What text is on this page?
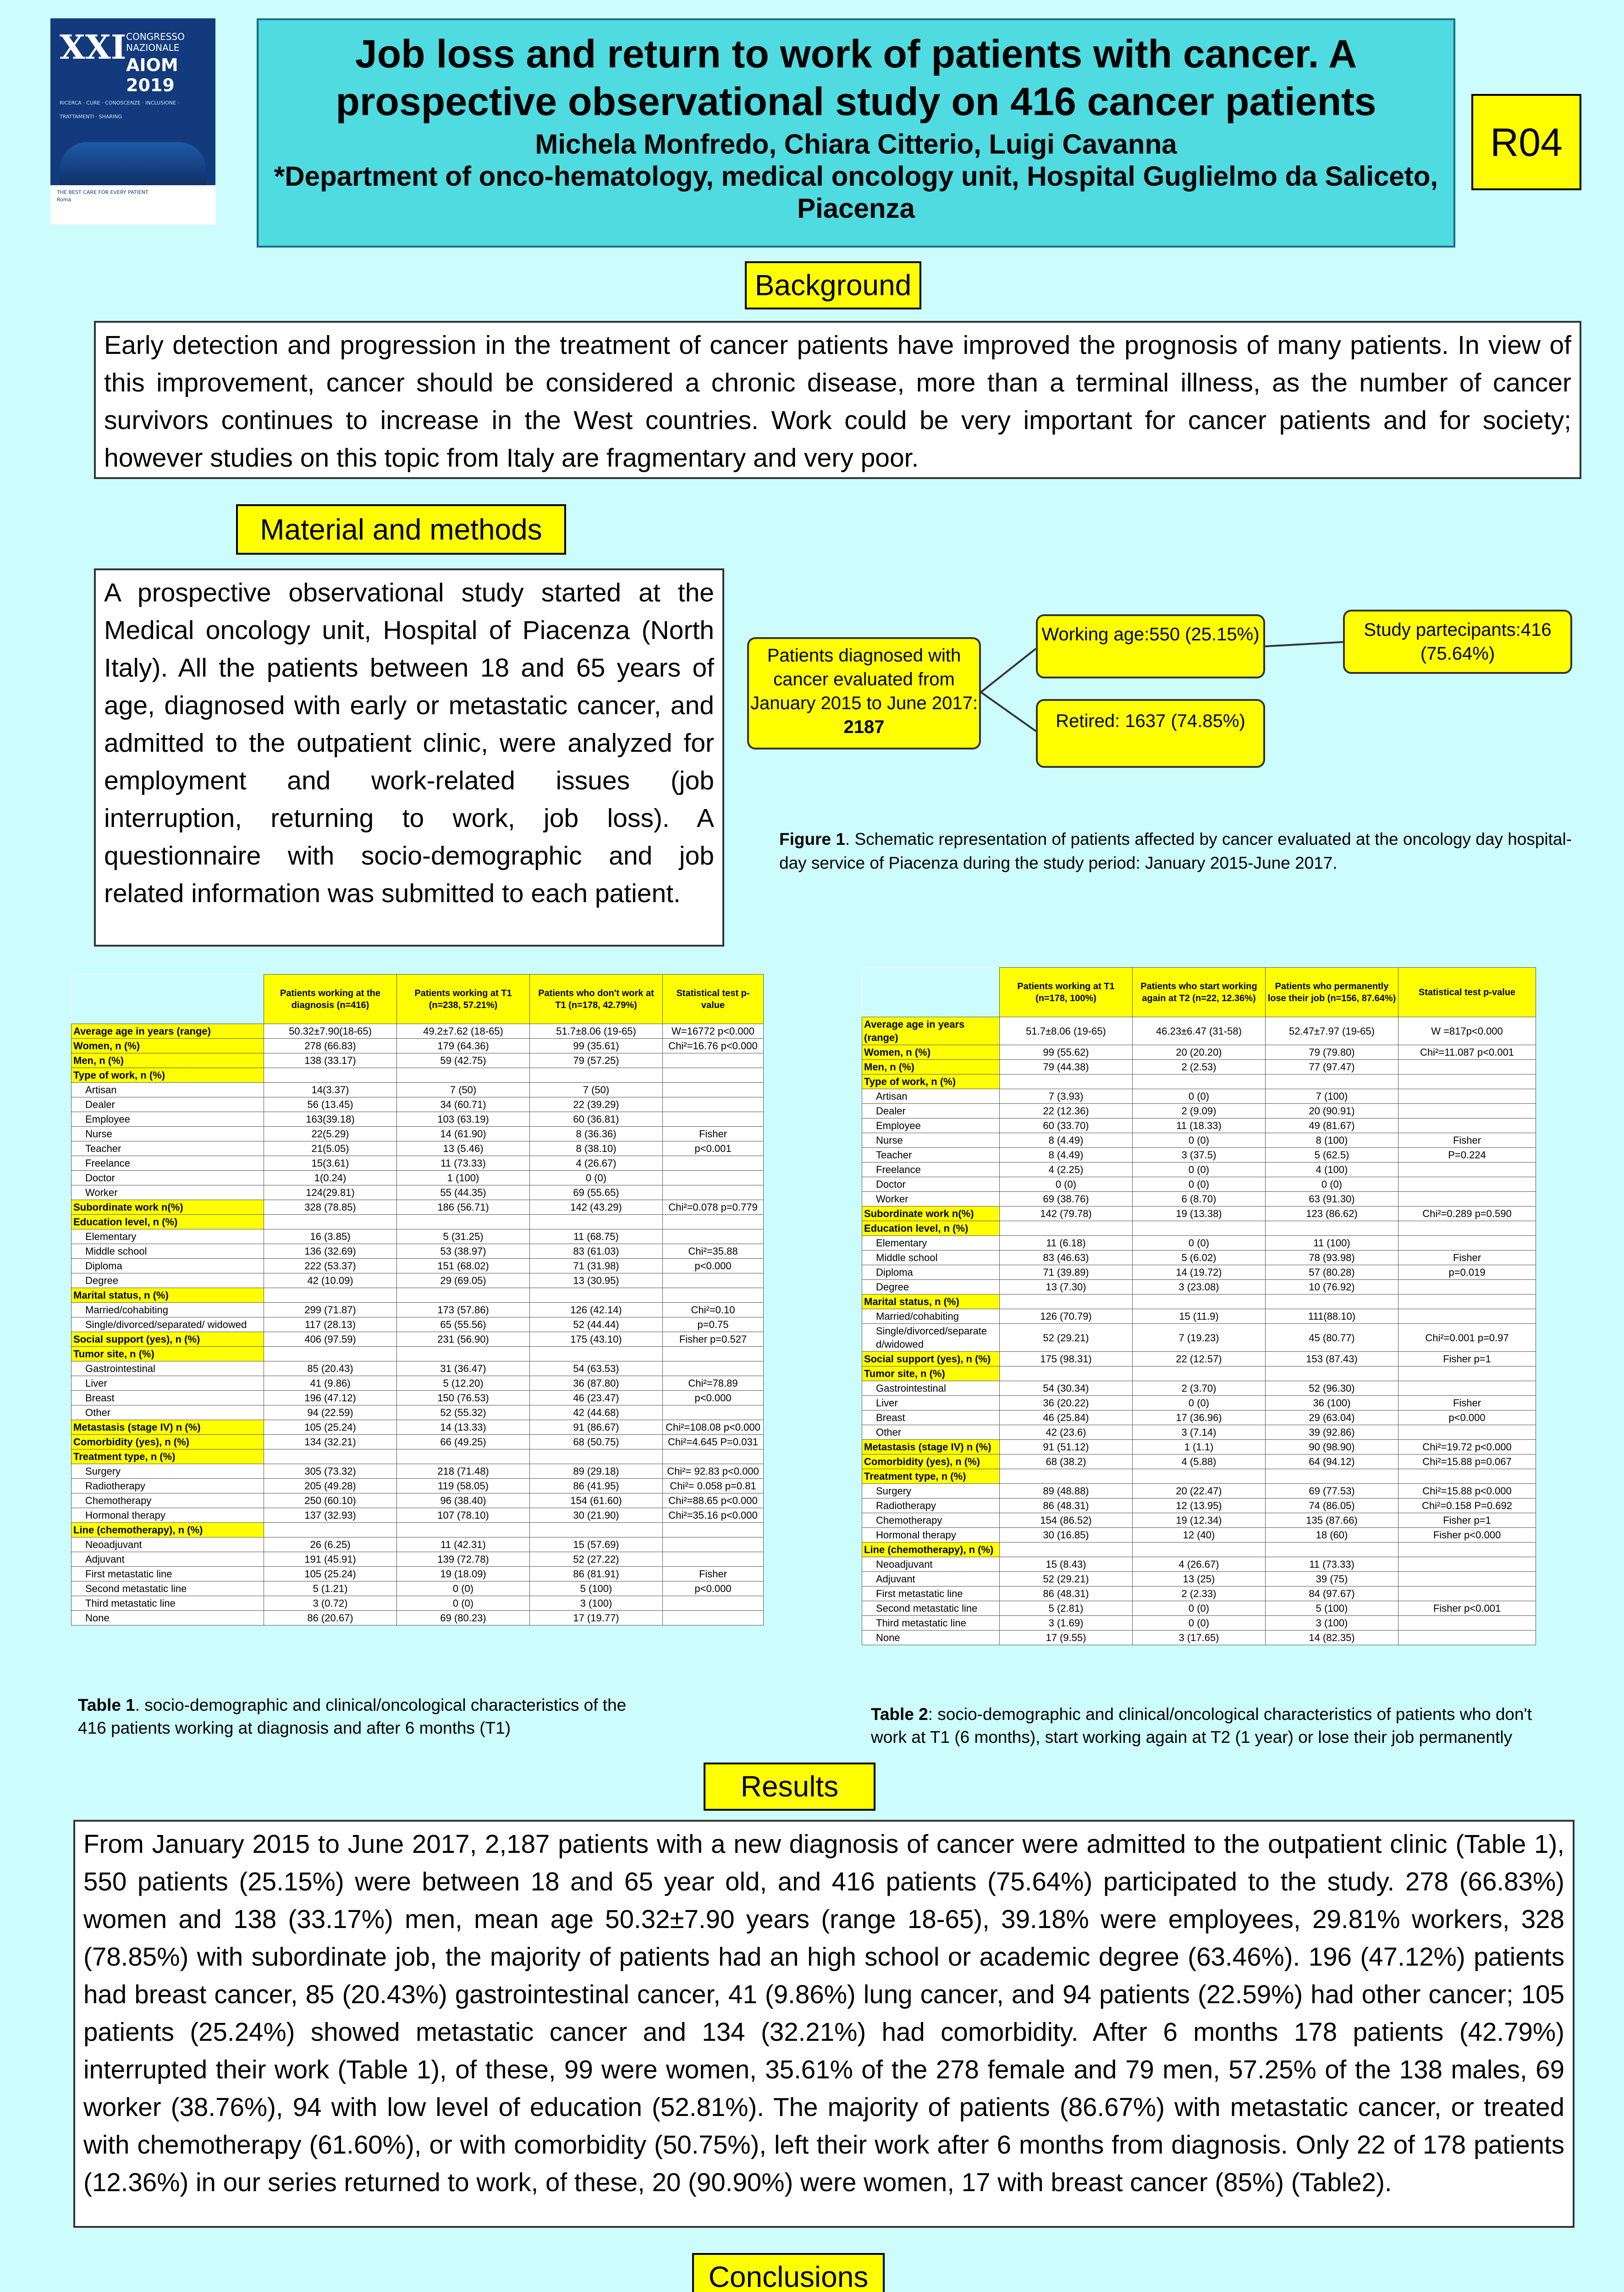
XXI CONGRESSO NAZIONALE
AIOM 2019
RICERCA · CURE · CONOSCENZE · INCLUSIONE · TRATTAMENTI · SHARING
THE BEST CARE FOR EVERY PATIENT
Roma
Job loss and return to work of patients with cancer. A prospective observational study on 416 cancer patients
Michela Monfredo, Chiara Citterio, Luigi Cavanna
*Department of onco-hematology, medical oncology unit, Hospital Guglielmo da Saliceto, Piacenza
R04
Background
Early detection and progression in the treatment of cancer patients have improved the prognosis of many patients. In view of this improvement, cancer should be considered a chronic disease, more than a terminal illness, as the number of cancer survivors continues to increase in the West countries. Work could be very important for cancer patients and for society; however studies on this topic from Italy are fragmentary and very poor.
Material and methods
A prospective observational study started at the Medical oncology unit, Hospital of Piacenza (North Italy). All the patients between 18 and 65 years of age, diagnosed with early or metastatic cancer, and admitted to the outpatient clinic, were analyzed for employment and work-related issues (job interruption, returning to work, job loss). A questionnaire with socio-demographic and job related information was submitted to each patient.
Patients diagnosed with cancer evaluated from January 2015 to June 2017: 2187
Working age:550 (25.15%)
Retired: 1637 (74.85%)
Study partecipants:416 (75.64%)
Figure 1. Schematic representation of patients affected by cancer evaluated at the oncology day hospital-day service of Piacenza during the study period: January 2015-June 2017.
	Patients working at the diagnosis (n=416)	Patients working at T1 (n=238, 57.21%)	Patients who don't work at T1 (n=178, 42.79%)	Statistical test p-value
Average age in years (range)	50.32±7.90(18-65)	49.2±7.62 (18-65)	51.7±8.06 (19-65)	W=16772 p<0.000
Women, n (%)	278 (66.83)	179 (64.36)	99 (35.61)	Chi²=16.76 p<0.000
Men, n (%)	138 (33.17)	59 (42.75)	79 (57.25)	
Type of work, n (%)				
Artisan	14(3.37)	7 (50)	7 (50)	
Dealer	56 (13.45)	34 (60.71)	22 (39.29)	
Employee	163(39.18)	103 (63.19)	60 (36.81)	
Nurse	22(5.29)	14 (61.90)	8 (36.36)	Fisher
Teacher	21(5.05)	13 (5.46)	8 (38.10)	p<0.001
Freelance	15(3.61)	11 (73.33)	4 (26.67)	
Doctor	1(0.24)	1 (100)	0 (0)	
Worker	124(29.81)	55 (44.35)	69 (55.65)	
Subordinate work n(%)	328 (78.85)	186 (56.71)	142 (43.29)	Chi²=0.078 p=0.779
Education level, n (%)				
Elementary	16 (3.85)	5 (31.25)	11 (68.75)	
Middle school	136 (32.69)	53 (38.97)	83 (61.03)	Chi²=35.88
Diploma	222 (53.37)	151 (68.02)	71 (31.98)	p<0.000
Degree	42 (10.09)	29 (69.05)	13 (30.95)	
Marital status, n (%)				
Married/cohabiting	299 (71.87)	173 (57.86)	126 (42.14)	Chi²=0.10
Single/divorced/separated/ widowed	117 (28.13)	65 (55.56)	52 (44.44)	p=0.75
Social support (yes), n (%)	406 (97.59)	231 (56.90)	175 (43.10)	Fisher p=0.527
Tumor site, n (%)				
Gastrointestinal	85 (20.43)	31 (36.47)	54 (63.53)	
Liver	41 (9.86)	5 (12.20)	36 (87.80)	Chi²=78.89
Breast	196 (47.12)	150 (76.53)	46 (23.47)	p<0.000
Other	94 (22.59)	52 (55.32)	42 (44.68)	
Metastasis (stage IV) n (%)	105 (25.24)	14 (13.33)	91 (86.67)	Chi²=108.08 p<0.000
Comorbidity (yes), n (%)	134 (32.21)	66 (49.25)	68 (50.75)	Chi²=4.645 P=0.031
Treatment type, n (%)				
Surgery	305 (73.32)	218 (71.48)	89 (29.18)	Chi²= 92.83 p<0.000
Radiotherapy	205 (49.28)	119 (58.05)	86 (41.95)	Chi²= 0.058 p=0.81
Chemotherapy	250 (60.10)	96 (38.40)	154 (61.60)	Chi²=88.65 p<0.000
Hormonal therapy	137 (32.93)	107 (78.10)	30 (21.90)	Chi²=35.16 p<0.000
Line (chemotherapy), n (%)				
Neoadjuvant	26 (6.25)	11 (42.31)	15 (57.69)	
Adjuvant	191 (45.91)	139 (72.78)	52 (27.22)	
First metastatic line	105 (25.24)	19 (18.09)	86 (81.91)	Fisher
Second metastatic line	5 (1.21)	0 (0)	5 (100)	p<0.000
Third metastatic line	3 (0.72)	0 (0)	3 (100)	
None	86 (20.67)	69 (80.23)	17 (19.77)	
Table 1. socio-demographic and clinical/oncological characteristics of the 416 patients working at diagnosis and after 6 months (T1)
	Patients working at T1 (n=178, 100%)	Patients who start working again at T2 (n=22, 12.36%)	Patients who permanently lose their job (n=156, 87.64%)	Statistical test p-value
Average age in years (range)	51.7±8.06 (19-65)	46.23±6.47 (31-58)	52.47±7.97 (19-65)	W =817p<0.000
Women, n (%)	99 (55.62)	20 (20.20)	79 (79.80)	Chi²=11.087 p<0.001
Men, n (%)	79 (44.38)	2 (2.53)	77 (97.47)	
Type of work, n (%)				
Artisan	7 (3.93)	0 (0)	7 (100)	
Dealer	22 (12.36)	2 (9.09)	20 (90.91)	
Employee	60 (33.70)	11 (18.33)	49 (81.67)	
Nurse	8 (4.49)	0 (0)	8 (100)	Fisher
Teacher	8 (4.49)	3 (37.5)	5 (62.5)	P=0.224
Freelance	4 (2.25)	0 (0)	4 (100)	
Doctor	0 (0)	0 (0)	0 (0)	
Worker	69 (38.76)	6 (8.70)	63 (91.30)	
Subordinate work n(%)	142 (79.78)	19 (13.38)	123 (86.62)	Chi²=0.289 p=0.590
Education level, n (%)				
Elementary	11 (6.18)	0 (0)	11 (100)	
Middle school	83 (46.63)	5 (6.02)	78 (93.98)	Fisher
Diploma	71 (39.89)	14 (19.72)	57 (80.28)	p=0.019
Degree	13 (7.30)	3 (23.08)	10 (76.92)	
Marital status, n (%)				
Married/cohabiting	126 (70.79)	15 (11.9)	111(88.10)	
Single/divorced/separate d/widowed	52 (29.21)	7 (19.23)	45 (80.77)	Chi²=0.001 p=0.97
Social support (yes), n (%)	175 (98.31)	22 (12.57)	153 (87.43)	Fisher p=1
Tumor site, n (%)				
Gastrointestinal	54 (30.34)	2 (3.70)	52 (96.30)	
Liver	36 (20.22)	0 (0)	36 (100)	Fisher
Breast	46 (25.84)	17 (36.96)	29 (63.04)	p<0.000
Other	42 (23.6)	3 (7.14)	39 (92.86)	
Metastasis (stage IV) n (%)	91 (51.12)	1 (1.1)	90 (98.90)	Chi²=19.72 p<0.000
Comorbidity (yes), n (%)	68 (38.2)	4 (5.88)	64 (94.12)	Chi²=15.88 p=0.067
Treatment type, n (%)				
Surgery	89 (48.88)	20 (22.47)	69 (77.53)	Chi²=15.88 p<0.000
Radiotherapy	86 (48.31)	12 (13.95)	74 (86.05)	Chi²=0.158 P=0.692
Chemotherapy	154 (86.52)	19 (12.34)	135 (87.66)	Fisher p=1
Hormonal therapy	30 (16.85)	12 (40)	18 (60)	Fisher p<0.000
Line (chemotherapy), n (%)				
Neoadjuvant	15 (8.43)	4 (26.67)	11 (73.33)	
Adjuvant	52 (29.21)	13 (25)	39 (75)	
First metastatic line	86 (48.31)	2 (2.33)	84 (97.67)	
Second metastatic line	5 (2.81)	0 (0)	5 (100)	Fisher p<0.001
Third metastatic line	3 (1.69)	0 (0)	3 (100)	
None	17 (9.55)	3 (17.65)	14 (82.35)	
Table 2: socio-demographic and clinical/oncological characteristics of patients who don't work at T1 (6 months), start working again at T2 (1 year) or lose their job permanently
Results
From January 2015 to June 2017, 2,187 patients with a new diagnosis of cancer were admitted to the outpatient clinic (Table 1), 550 patients (25.15%) were between 18 and 65 year old, and 416 patients (75.64%) participated to the study. 278 (66.83%) women and 138 (33.17%) men, mean age 50.32±7.90 years (range 18-65), 39.18% were employees, 29.81% workers, 328 (78.85%) with subordinate job, the majority of patients had an high school or academic degree (63.46%). 196 (47.12%) patients had breast cancer, 85 (20.43%) gastrointestinal cancer, 41 (9.86%) lung cancer, and 94 patients (22.59%) had other cancer; 105 patients (25.24%) showed metastatic cancer and 134 (32.21%) had comorbidity. After 6 months 178 patients (42.79%) interrupted their work (Table 1), of these, 99 were women, 35.61% of the 278 female and 79 men, 57.25% of the 138 males, 69 worker (38.76%), 94 with low level of education (52.81%). The majority of patients (86.67%) with metastatic cancer, or treated with chemotherapy (61.60%), or with comorbidity (50.75%), left their work after 6 months from diagnosis. Only 22 of 178 patients (12.36%) in our series returned to work, of these, 20 (90.90%) were women, 17 with breast cancer (85%) (Table2).
Conclusions
